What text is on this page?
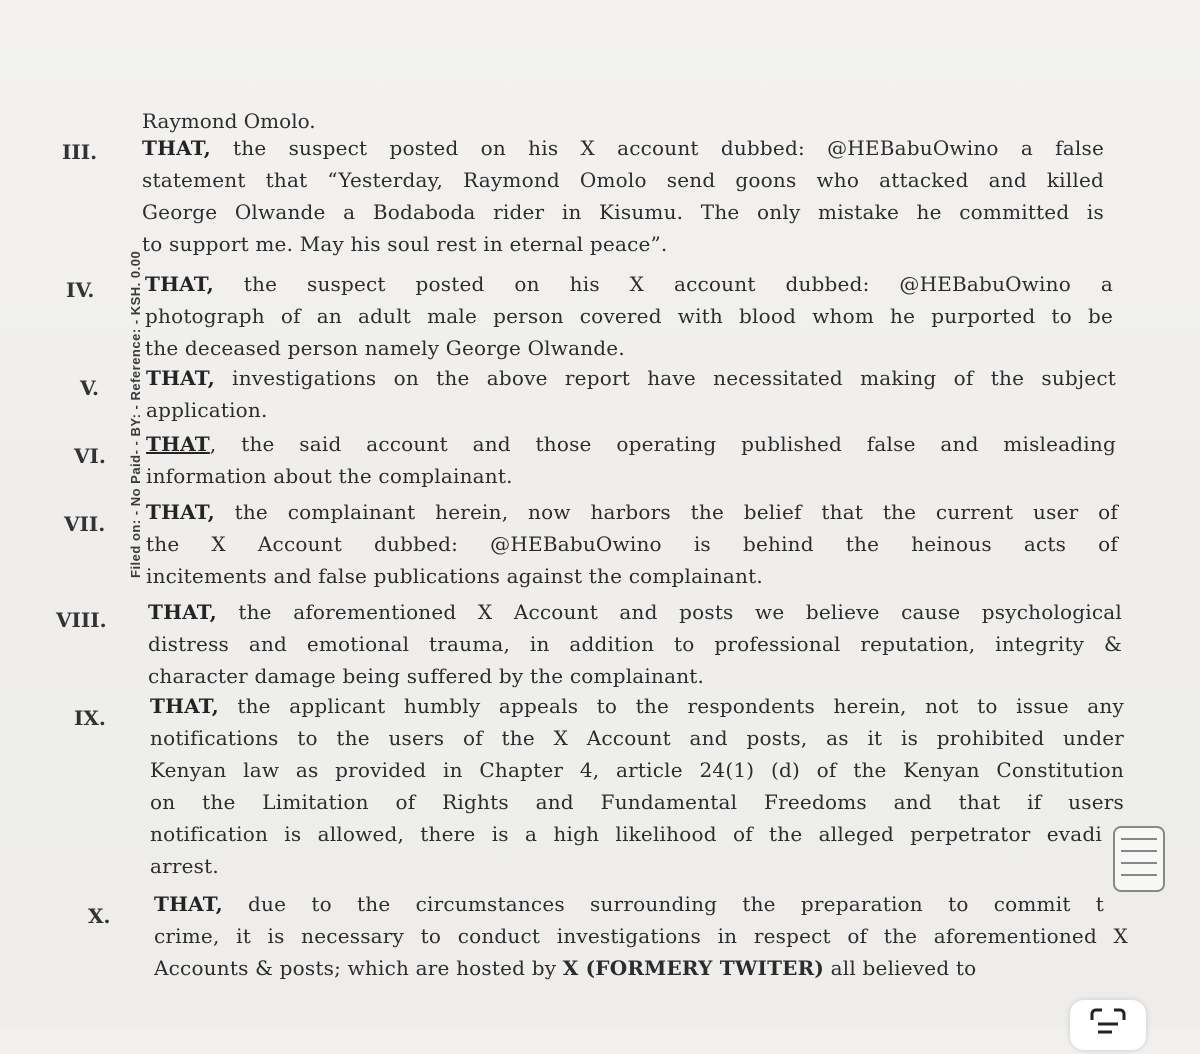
Raymond Omolo.
Filed on: - No Paid- - BY: - Reference: - KSH. 0.00
III. THAT, the suspect posted on his X account dubbed: @HEBabuOwino a false
statement that “Yesterday, Raymond Omolo send goons who attacked and killed
George Olwande a Bodaboda rider in Kisumu. The only mistake he committed is
to support me. May his soul rest in eternal peace”.
IV.	THAT, the suspect posted on his X account dubbed: @HEBabuOwino a
photograph of an adult male person covered with blood whom he purported to be
the deceased person namely George Olwande.
V. THAT, investigations on the above report have necessitated making of the subject
application.
VI. THAT, the said account and those operating published false and misleading
information about the complainant.
VII. THAT, the complainant herein, now harbors the belief that the current user of
the X Account dubbed: @HEBabuOwino is behind the heinous acts of
incitements and false publications against the complainant.
VIII. THAT, the aforementioned X Account and posts we believe cause psychological
distress and emotional trauma, in addition to professional reputation, integrity &
character damage being suffered by the complainant.
IX. THAT, the applicant humbly appeals to the respondents herein, not to issue any
notifications to the users of the X Account and posts, as it is prohibited under
Kenyan law as provided in Chapter 4, article 24(1) (d) of the Kenyan Constitution
on the Limitation of Rights and Fundamental Freedoms and that if users
notification is allowed, there is a high likelihood of the alleged perpetrator evadi
arrest.
X. THAT, due to the circumstances surrounding the preparation to commit t
crime, it is necessary to conduct investigations in respect of the aforementioned X
Accounts & posts; which are hosted by X (FORMERY TWITER) all believed to
